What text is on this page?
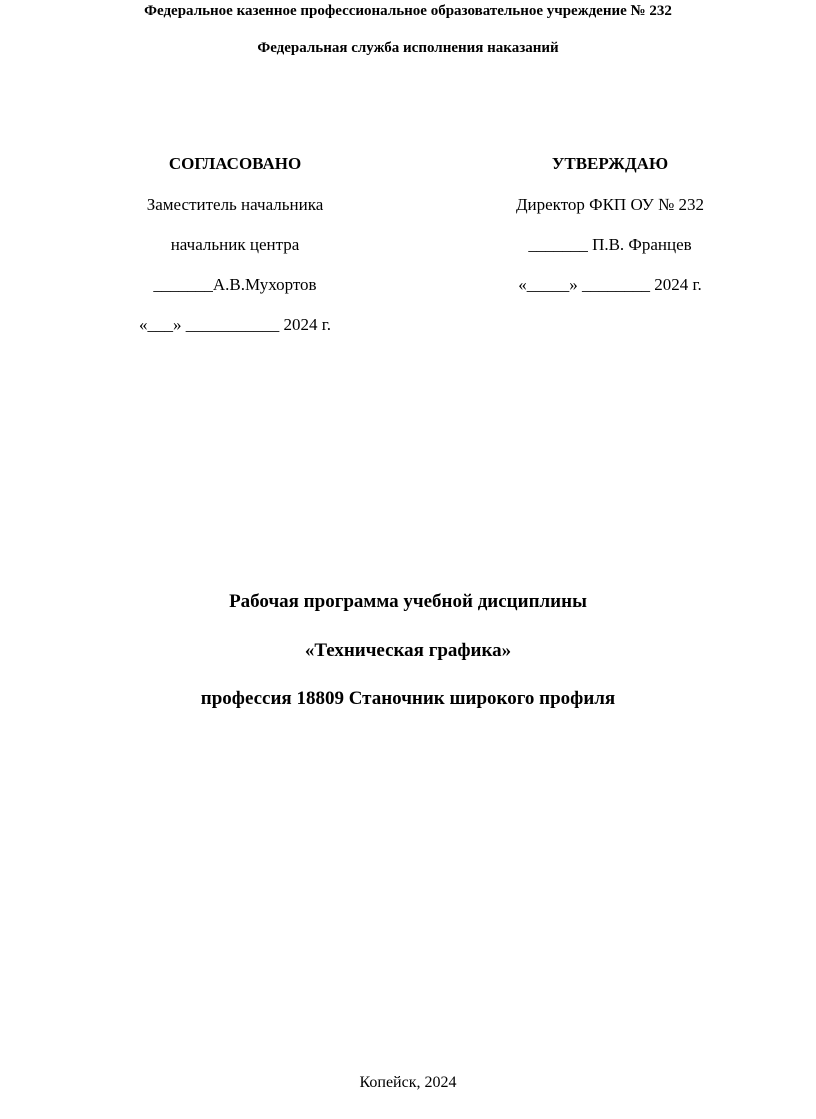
Федеральное казенное профессиональное образовательное учреждение № 232
Федеральная служба исполнения наказаний
СОГЛАСОВАНО
Заместитель начальника
начальник центра
_______А.В.Мухортов
«___» ___________ 2024 г.
УТВЕРЖДАЮ
Директор ФКП ОУ № 232
_______ П.В. Францев
«_____» ________ 2024 г.
Рабочая программа учебной дисциплины
«Техническая графика»
профессия 18809 Станочник широкого профиля
Копейск, 2024
